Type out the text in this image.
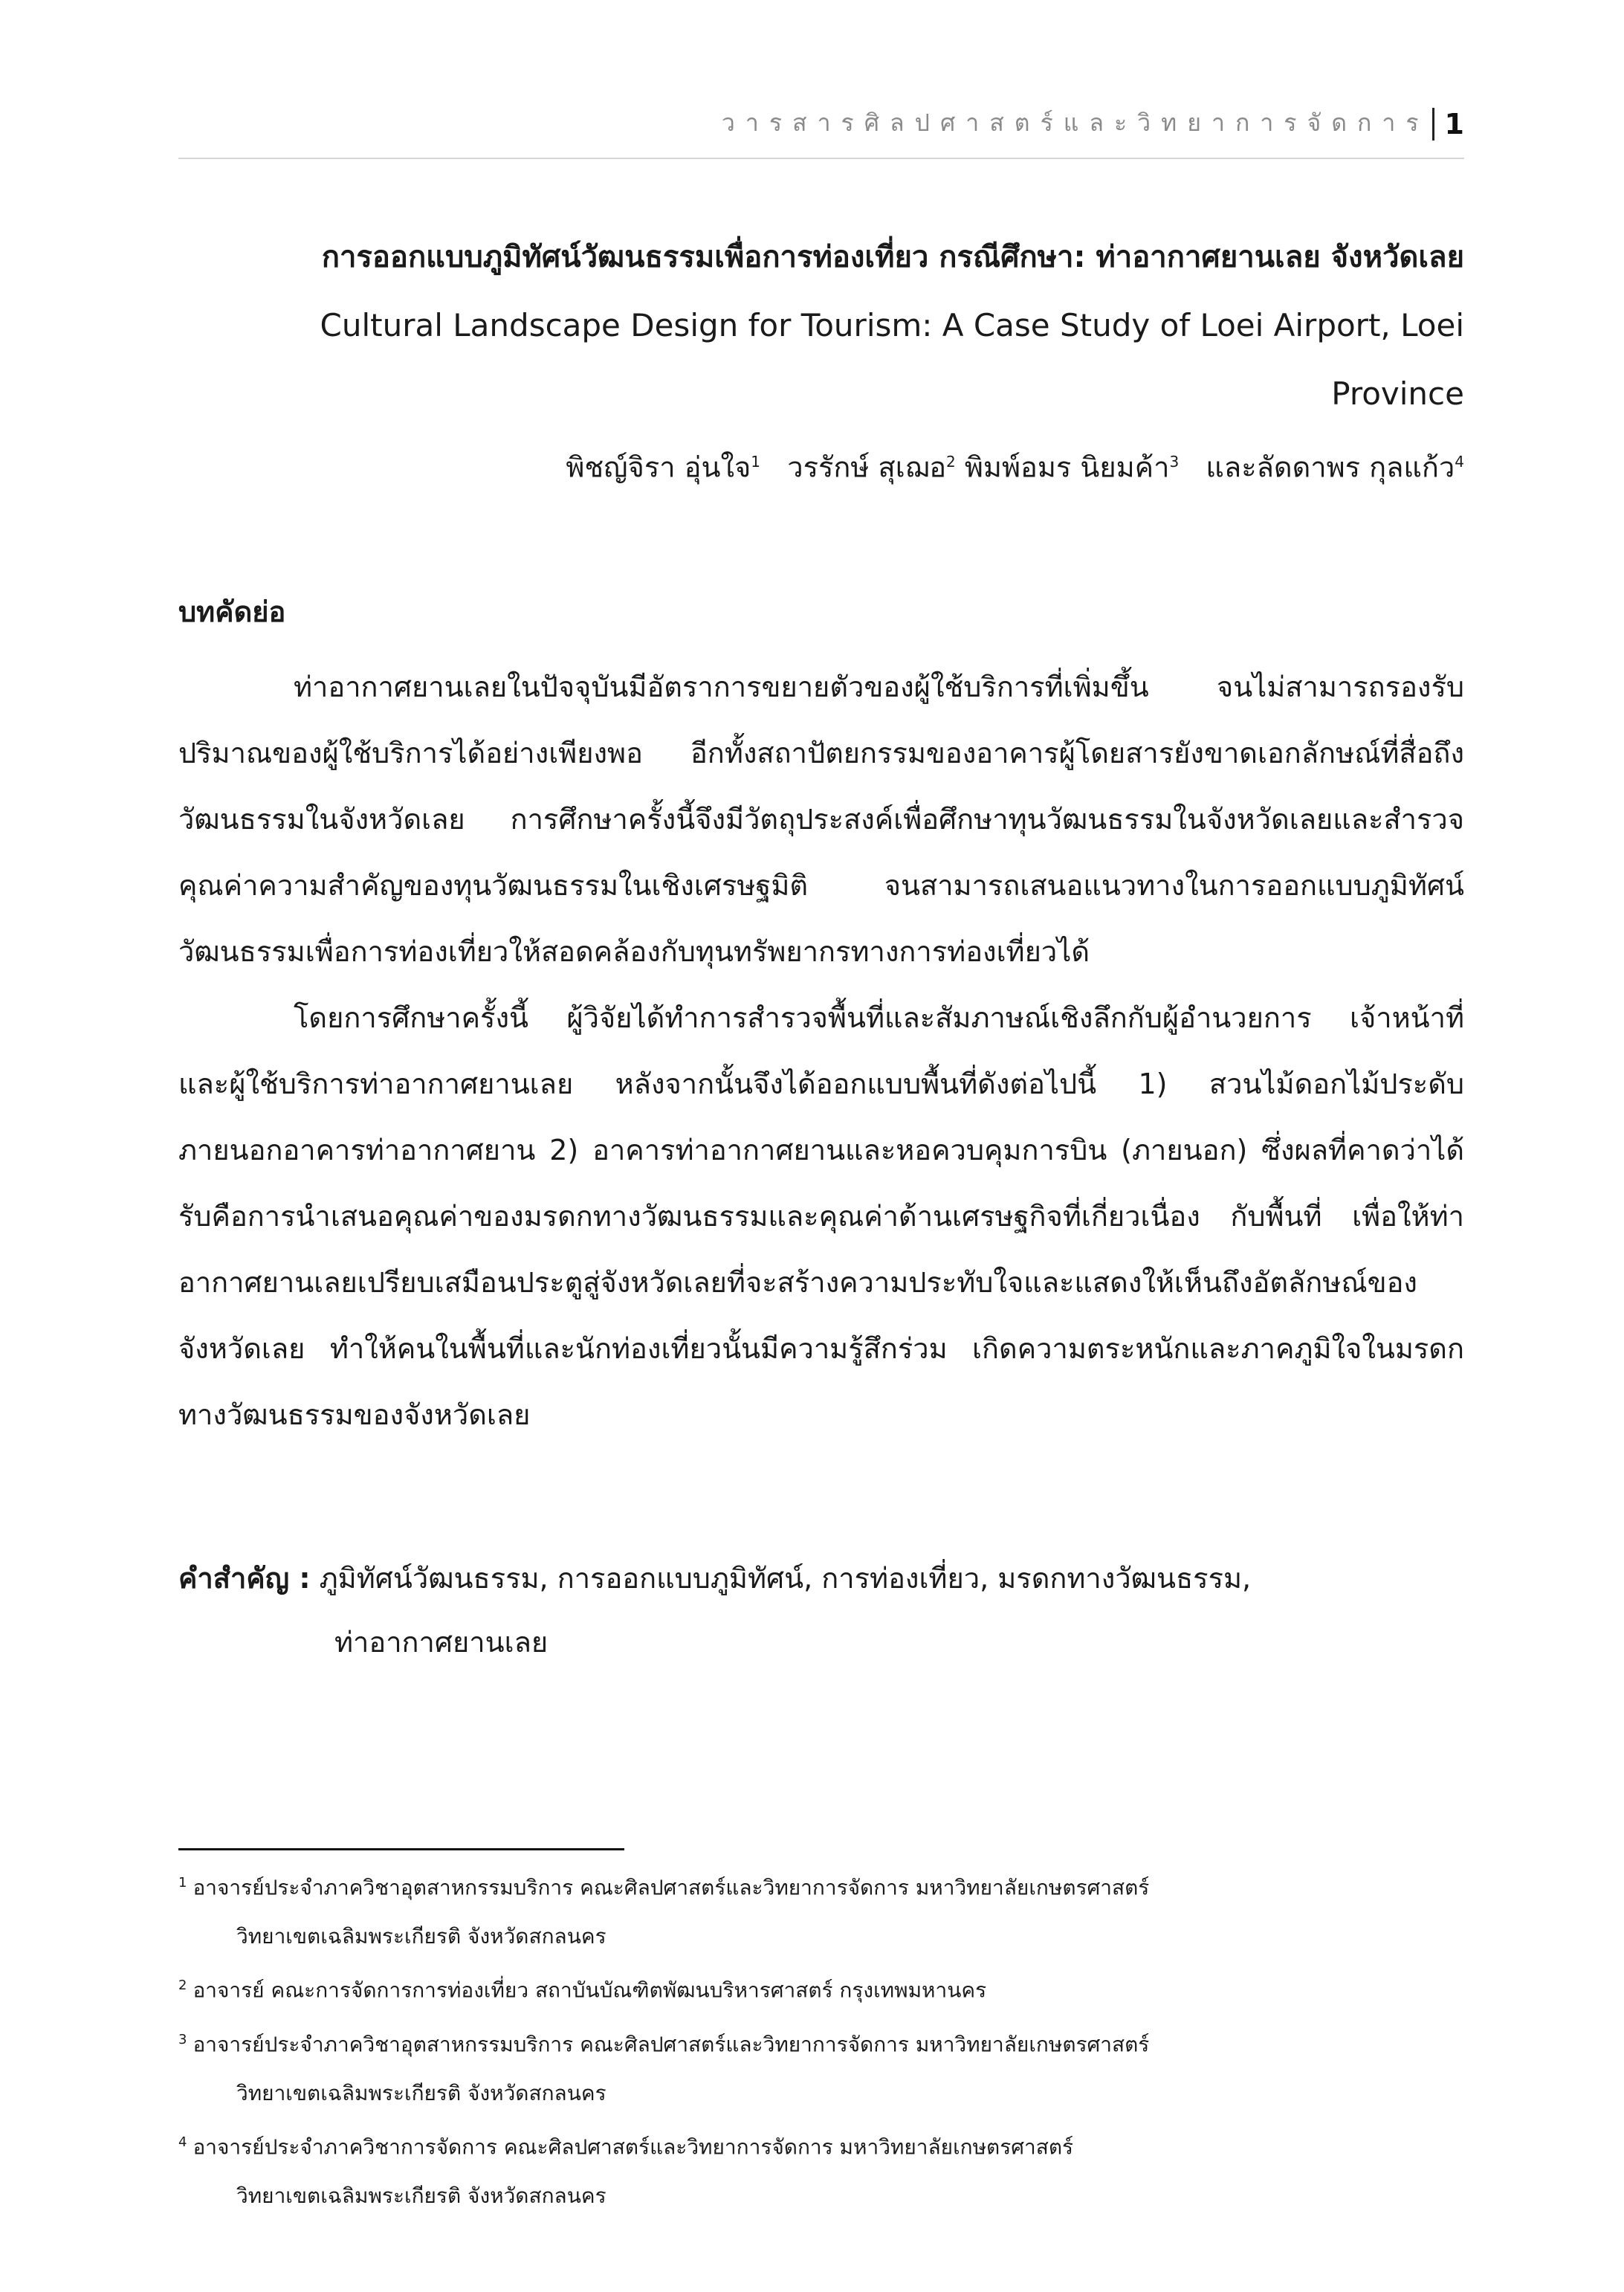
วารสารศิลปศาสตร์และวิทยาการจัดการ 1
การออกแบบภูมิทัศน์วัฒนธรรมเพื่อการท่องเที่ยว กรณีศึกษา: ท่าอากาศยานเลย จังหวัดเลย
Cultural Landscape Design for Tourism: A Case Study of Loei Airport, Loei
Province
พิชญ์จิรา อุ่นใจ$^1$ วรรักษ์ สุเฌอ$^2$ พิมพ์อมร นิยมค้า$^3$ และลัดดาพร กุลแก้ว$^4$
บทคัดย่อ

ท่าอากาศยานเลยในปัจจุบันมีอัตราการขยายตัวของผู้ใช้บริการที่เพิ่มขึ้น จนไม่สามารถรองรับปริมาณของผู้ใช้บริการได้อย่างเพียงพอ อีกทั้งสถาปัตยกรรมของอาคารผู้โดยสารยังขาดเอกลักษณ์ที่สื่อถึงวัฒนธรรมในจังหวัดเลย การศึกษาครั้งนี้จึงมีวัตถุประสงค์เพื่อศึกษาทุนวัฒนธรรมในจังหวัดเลยและสำรวจคุณค่าความสำคัญของทุนวัฒนธรรมในเชิงเศรษฐมิติ จนสามารถเสนอแนวทางในการออกแบบภูมิทัศน์วัฒนธรรมเพื่อการท่องเที่ยวให้สอดคล้องกับทุนทรัพยากรทางการท่องเที่ยวได้

โดยการศึกษาครั้งนี้ ผู้วิจัยได้ทำการสำรวจพื้นที่และสัมภาษณ์เชิงลึกกับผู้อำนวยการ เจ้าหน้าที่ และผู้ใช้บริการท่าอากาศยานเลย หลังจากนั้นจึงได้ออกแบบพื้นที่ดังต่อไปนี้ 1) สวนไม้ดอกไม้ประดับภายนอกอาคารท่าอากาศยาน 2) อาคารท่าอากาศยานและหอควบคุมการบิน (ภายนอก) ซึ่งผลที่คาดว่าได้รับคือการนำเสนอคุณค่าของมรดกทางวัฒนธรรมและคุณค่าด้านเศรษฐกิจที่เกี่ยวเนื่อง กับพื้นที่ เพื่อให้ท่าอากาศยานเลยเปรียบเสมือนประตูสู่จังหวัดเลยที่จะสร้างความประทับใจและแสดงให้เห็นถึงอัตลักษณ์ของจังหวัดเลย ทำให้คนในพื้นที่และนักท่องเที่ยวนั้นมีความรู้สึกร่วม เกิดความตระหนักและภาคภูมิใจในมรดกทางวัฒนธรรมของจังหวัดเลย

คำสำคัญ : ภูมิทัศน์วัฒนธรรม, การออกแบบภูมิทัศน์, การท่องเที่ยว, มรดกทางวัฒนธรรม,
ท่าอากาศยานเลย

$^1$ อาจารย์ประจำภาควิชาอุตสาหกรรมบริการ คณะศิลปศาสตร์และวิทยาการจัดการ มหาวิทยาลัยเกษตรศาสตร์
วิทยาเขตเฉลิมพระเกียรติ จังหวัดสกลนคร

$^2$ อาจารย์ คณะการจัดการการท่องเที่ยว สถาบันบัณฑิตพัฒนบริหารศาสตร์ กรุงเทพมหานคร

$^3$ อาจารย์ประจำภาควิชาอุตสาหกรรมบริการ คณะศิลปศาสตร์และวิทยาการจัดการ มหาวิทยาลัยเกษตรศาสตร์
วิทยาเขตเฉลิมพระเกียรติ จังหวัดสกลนคร

$^4$ อาจารย์ประจำภาควิชาการจัดการ คณะศิลปศาสตร์และวิทยาการจัดการ มหาวิทยาลัยเกษตรศาสตร์
วิทยาเขตเฉลิมพระเกียรติ จังหวัดสกลนคร
